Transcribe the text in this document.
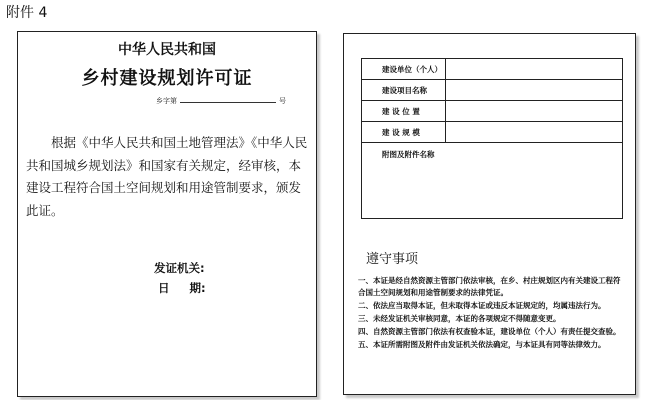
附件 4
中华人民共和国
乡村建设规划许可证
乡字第	号

根据《中华人民共和国土地管理法》《中华人民共和国城乡规划法》和国家有关规定，经审核，本建设工程符合国土空间规划和用途管制要求，颁发此证。

发证机关:
日 期:
建设单位（个人）	
建设项目名称	
建 设 位 置	
建 设 规 模	
附图及附件名称	
遵守事项
一、本证是经自然资源主管部门依法审核，在乡、村庄规划区内有关建设工程符合国土空间规划和用途管制要求的法律凭证。
二、依法应当取得本证，但未取得本证或违反本证规定的，均属违法行为。
三、未经发证机关审核同意，本证的各项规定不得随意变更。
四、自然资源主管部门依法有权查验本证，建设单位（个人）有责任提交查验。
五、本证所需附图及附件由发证机关依法确定，与本证具有同等法律效力。
